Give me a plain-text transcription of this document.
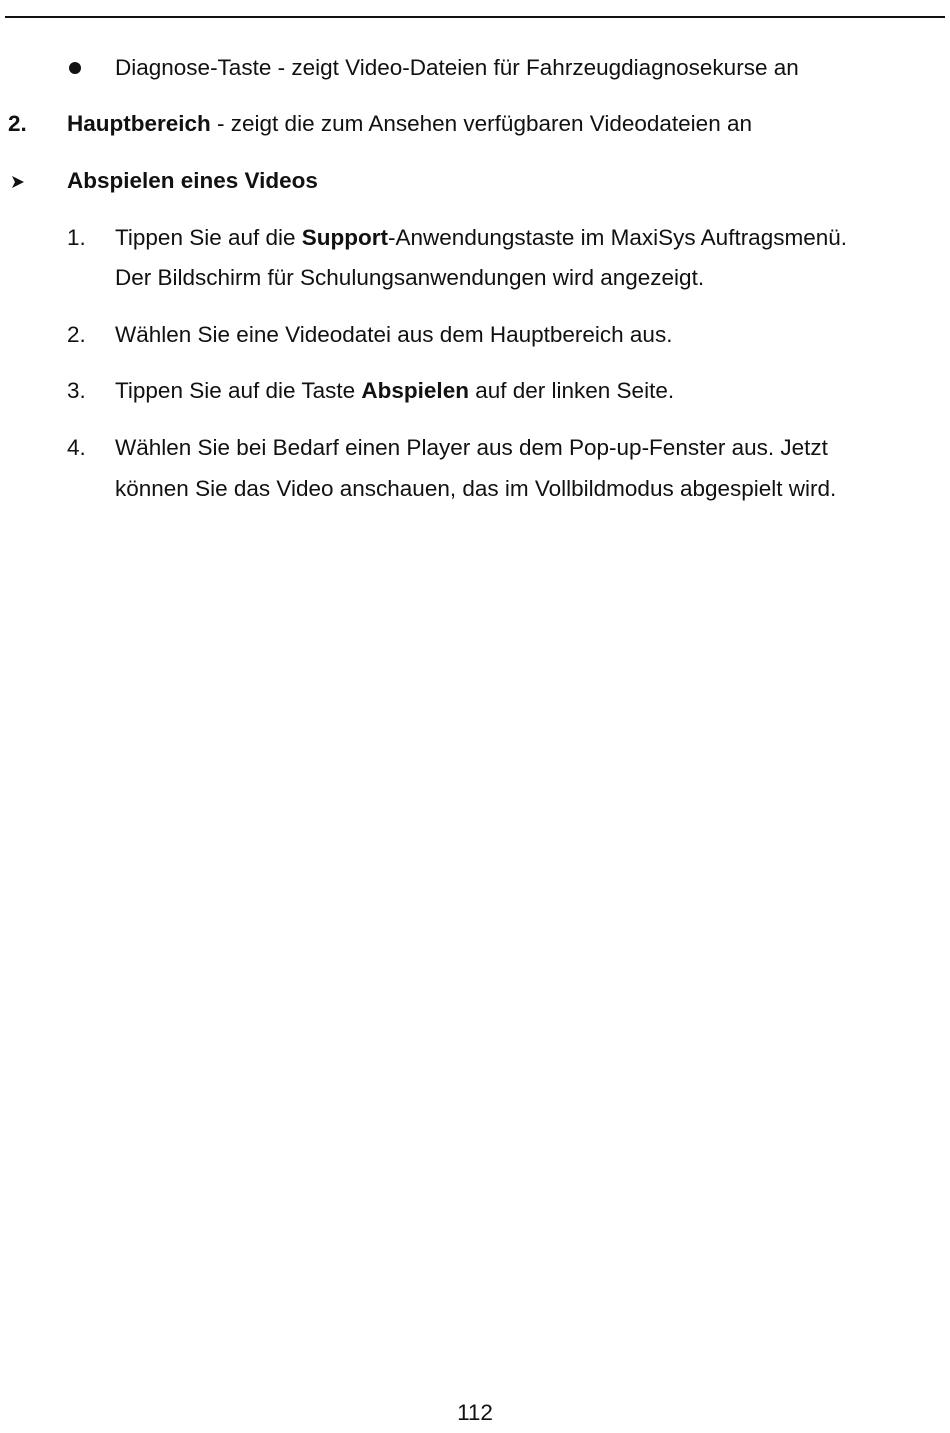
Diagnose-Taste - zeigt Video-Dateien für Fahrzeugdiagnosekurse an
2. Hauptbereich - zeigt die zum Ansehen verfügbaren Videodateien an
Abspielen eines Videos
1. Tippen Sie auf die Support-Anwendungstaste im MaxiSys Auftragsmenü.
Der Bildschirm für Schulungsanwendungen wird angezeigt.
2. Wählen Sie eine Videodatei aus dem Hauptbereich aus.
3. Tippen Sie auf die Taste Abspielen auf der linken Seite.
4. Wählen Sie bei Bedarf einen Player aus dem Pop-up-Fenster aus. Jetzt
können Sie das Video anschauen, das im Vollbildmodus abgespielt wird.
112
